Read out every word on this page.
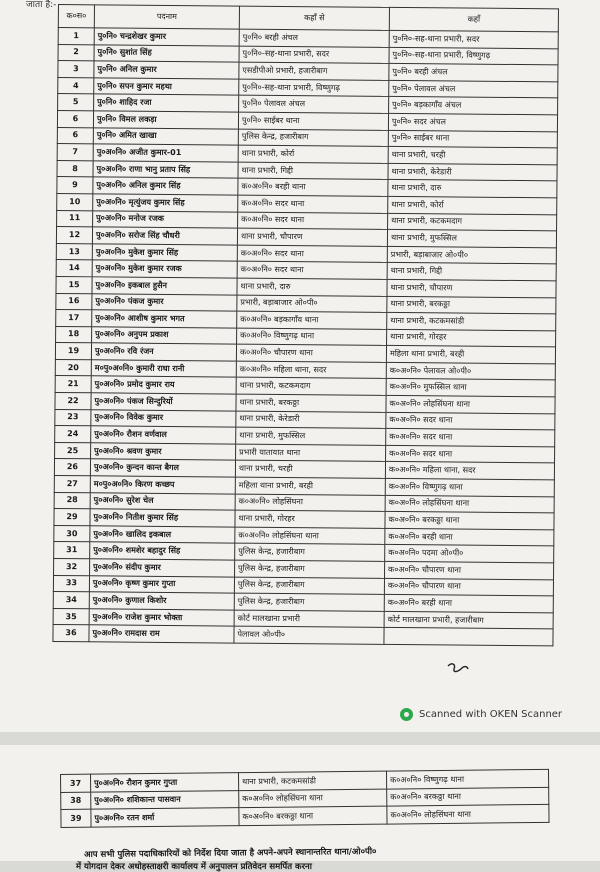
जाता है:-
क०स०	पदनाम	कहाँ से	कहाँ
1	पु०नि० चन्द्रशेखर कुमार	पु०नि० बरही अंचल	पु०नि०-सह-थाना प्रभारी, सदर
2	पु०नि० सुशांत सिंह	पु०नि०-सह-थाना प्रभारी, सदर	पु०नि०-सह-थाना प्रभारी, विष्णुगढ़
3	पु०नि० अनिल कुमार	एसडीपीओ प्रभारी, हजारीबाग	पु०नि० बरही अंचल
4	पु०नि० सपन कुमार महथा	पु०नि०-सह-थाना प्रभारी, विष्णुगढ़	पु०नि० पेलावल अंचल
5	पु०नि० शाहिद रजा	पु०नि० पेलावल अंचल	पु०नि० बड़कागाँव अंचल
6	पु०नि० विमल लकड़ा	पु०नि० साईबर थाना	पु०नि० सदर अंचल
6	पु०नि० अमित खाखा	पुलिस केन्द्र, हजारीबाग	पु०नि० साईबर थाना
7	पु०अ०नि० अजीत कुमार-01	थाना प्रभारी, कोर्रा	थाना प्रभारी, चरही
8	पु०अ०नि० राणा भानु प्रताप सिंह	थाना प्रभारी, गिद्दी	थाना प्रभारी, केरेडारी
9	पु०अ०नि० अनिल कुमार सिंह	क०अ०नि० बरही थाना	थाना प्रभारी, दारु
10	पु०अ०नि० मृत्युंजय कुमार सिंह	क०अ०नि० सदर थाना	थाना प्रभारी, कोर्रा
11	पु०अ०नि० मनोज रजक	क०अ०नि० सदर थाना	थाना प्रभारी, कटकमदाग
12	पु०अ०नि० सरोज सिंह चौधरी	थाना प्रभारी, चौपारण	थाना प्रभारी, मुफस्सिल
13	पु०अ०नि० मुकेश कुमार सिंह	क०अ०नि० सदर थाना	प्रभारी, बड़ाबाजार ओ०पी०
14	पु०अ०नि० मुकेश कुमार रजक	क०अ०नि० सदर थाना	थाना प्रभारी, गिद्दी
15	पु०अ०नि० इकबाल हुसैन	थाना प्रभारी, दारु	थाना प्रभारी, चौपारण
16	पु०अ०नि० पंकज कुमार	प्रभारी, बड़ाबाजार ओ०पी०	थाना प्रभारी, बरकठ्ठा
17	पु०अ०नि० आशीष कुमार भगत	क०अ०नि० बड़कागाँव थाना	थाना प्रभारी, कटकमसांडी
18	पु०अ०नि० अनुपम प्रकाश	क०अ०नि० विष्णुगढ़ थाना	थाना प्रभारी, गोरहर
19	पु०अ०नि० रवि रंजन	क०अ०नि० चौपारण थाना	महिला थाना प्रभारी, बरही
20	म०पु०अ०नि० कुमारी राधा रानी	क०अ०नि० महिला थाना, सदर	क०अ०नि० पेलावल ओ०पी०
21	पु०अ०नि० प्रमोद कुमार राय	थाना प्रभारी, कटकमदाग	क०अ०नि० मुफस्सिल थाना
22	पु०अ०नि० पंकज सिन्दुरियों	थाना प्रभारी, बरकठ्ठा	क०अ०नि० लोहसिंघना थाना
23	पु०अ०नि० विवेक कुमार	थाना प्रभारी, केरेडारी	क०अ०नि० सदर थाना
24	पु०अ०नि० रौशन वर्णवाल	थाना प्रभारी, मुफस्सिल	क०अ०नि० सदर थाना
25	पु०अ०नि० श्रवण कुमार	प्रभारी यातायात थाना	क०अ०नि० सदर थाना
26	पु०अ०नि० कुन्दन कान्त बैगल	थाना प्रभारी, चरही	क०अ०नि० महिला थाना, सदर
27	म०पु०अ०नि० किरण कच्छप	महिला थाना प्रभारी, बरही	क०अ०नि० विष्णुगढ़ थाना
28	पु०अ०नि० सुरेश चेल	क०अ०नि० लोहसिंघना	क०अ०नि० लोहसिंघना थाना
29	पु०अ०नि० नितीश कुमार सिंह	थाना प्रभारी, गोरहर	क०अ०नि० बरकठ्ठा थाना
30	पु०अ०नि० खालिद इकबाल	क०अ०नि० लोहसिंघना थाना	क०अ०नि० बरही थाना
31	पु०अ०नि० शमशेर बहादुर सिंह	पुलिस केन्द्र, हजारीबाग	क०अ०नि० पदमा ओ०पी०
32	पु०अ०नि० संदीप कुमार	पुलिस केन्द्र, हजारीबाग	क०अ०नि० चौपारण थाना
33	पु०अ०नि० कृष्ण कुमार गुप्ता	पुलिस केन्द्र, हजारीबाग	क०अ०नि० चौपारण थाना
34	पु०अ०नि० कुणाल किशोर	पुलिस केन्द्र, हजारीबाग	क०अ०नि० बरही थाना
35	पु०अ०नि० राजेश कुमार भोक्ता	कोर्ट मालखाना प्रभारी	कोर्ट मालखाना प्रभारी, हजारीबाग
36	पु०अ०नि० रामदास राम	पेलावल ओ०पी०	
Scanned with OKEN Scanner
37	पु०अ०नि० रौशन कुमार गुप्ता	थाना प्रभारी, कटकमसांडी	क०अ०नि० विष्णुगढ़ थाना
38	पु०अ०नि० शशिकान्त पासवान	क०अ०नि० लोहसिंघना थाना	क०अ०नि० बरकठ्ठा थाना
39	पु०अ०नि० रतन शर्मा	क०अ०नि० बरकठ्ठा थाना	क०अ०नि० लोहसिंघना थाना
आप सभी पुलिस पदाधिकारियों को निर्देश दिया जाता है अपने-अपने स्थानान्तरित थाना/ओ०पी०
में योगदान देकर अधोहस्ताक्षरी कार्यालय में अनुपालन प्रतिवेदन समर्पित करना
